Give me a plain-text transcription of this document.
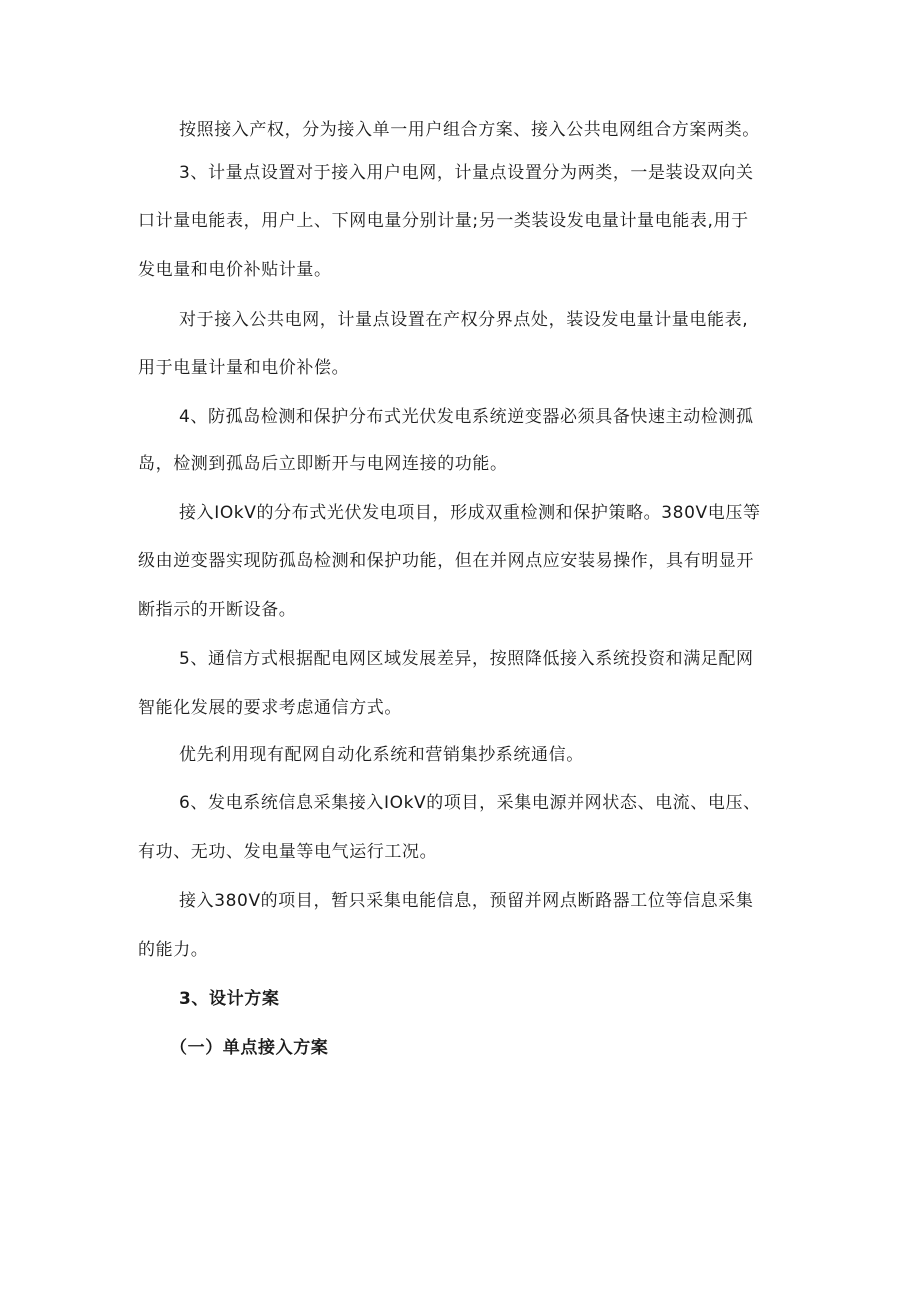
按照接入产权，分为接入单一用户组合方案、接入公共电网组合方案两类。
3、计量点设置对于接入用户电网，计量点设置分为两类，一是装设双向关
口计量电能表，用户上、下网电量分别计量;另一类装设发电量计量电能表,用于
发电量和电价补贴计量。
对于接入公共电网，计量点设置在产权分界点处，装设发电量计量电能表,
用于电量计量和电价补偿。
4、防孤岛检测和保护分布式光伏发电系统逆变器必须具备快速主动检测孤
岛，检测到孤岛后立即断开与电网连接的功能。
接入IOkV的分布式光伏发电项目，形成双重检测和保护策略。380V电压等
级由逆变器实现防孤岛检测和保护功能，但在并网点应安装易操作，具有明显开
断指示的开断设备。
5、通信方式根据配电网区域发展差异，按照降低接入系统投资和满足配网
智能化发展的要求考虑通信方式。
优先利用现有配网自动化系统和营销集抄系统通信。
6、发电系统信息采集接入IOkV的项目，采集电源并网状态、电流、电压、
有功、无功、发电量等电气运行工况。
接入380V的项目，暂只采集电能信息，预留并网点断路器工位等信息采集
的能力。
3、设计方案
（一）单点接入方案
